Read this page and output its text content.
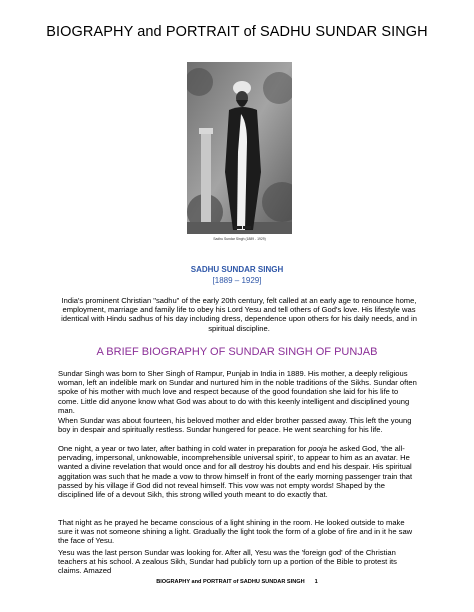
BIOGRAPHY and PORTRAIT of SADHU SUNDAR SINGH
Sadhu Sundar Singh (1889 - 1929)
SADHU SUNDAR SINGH
[1889 – 1929]

India's prominent Christian "sadhu" of the early 20th century, felt called at an early age to renounce home, employment, marriage and family life to obey his Lord Yesu and tell others of God's love. His lifestyle was identical with Hindu sadhus of his day including dress, dependence upon others for his daily needs, and in spiritual discipline.

A BRIEF BIOGRAPHY OF SUNDAR SINGH OF PUNJAB

Sundar Singh was born to Sher Singh of Rampur, Punjab in India in 1889. His mother, a deeply religious woman, left an indelible mark on Sundar and nurtured him in the noble traditions of the Sikhs. Sundar often spoke of his mother with much love and respect because of the good foundation she laid for his life to come. Little did anyone know what God was about to do with this keenly intelligent and disciplined young man.

When Sundar was about fourteen, his beloved mother and elder brother passed away. This left the young boy in despair and spiritually restless. Sundar hungered for peace. He went searching for his life.

One night, a year or two later, after bathing in cold water in preparation for pooja he asked God, 'the all-pervading, impersonal, unknowable, incomprehensible universal spirit', to appear to him as an avatar. He wanted a divine revelation that would once and for all destroy his doubts and end his despair. His spiritual aggitation was such that he made a vow to throw himself in front of the early morning passenger train that passed by his village if God did not reveal himself. This vow was not empty words! Shaped by the disciplined life of a devout Sikh, this strong willed youth meant to do exactly that.

That night as he prayed he became conscious of a light shining in the room. He looked outside to make sure it was not someone shining a light. Gradually the light took the form of a globe of fire and in it he saw the face of Yesu.

Yesu was the last person Sundar was looking for. After all, Yesu was the 'foreign god' of the Christian teachers at his school. A zealous Sikh, Sundar had publicly torn up a portion of the Bible to protest its claims. Amazed

BIOGRAPHY and PORTRAIT of SADHU SUNDAR SINGH 1
